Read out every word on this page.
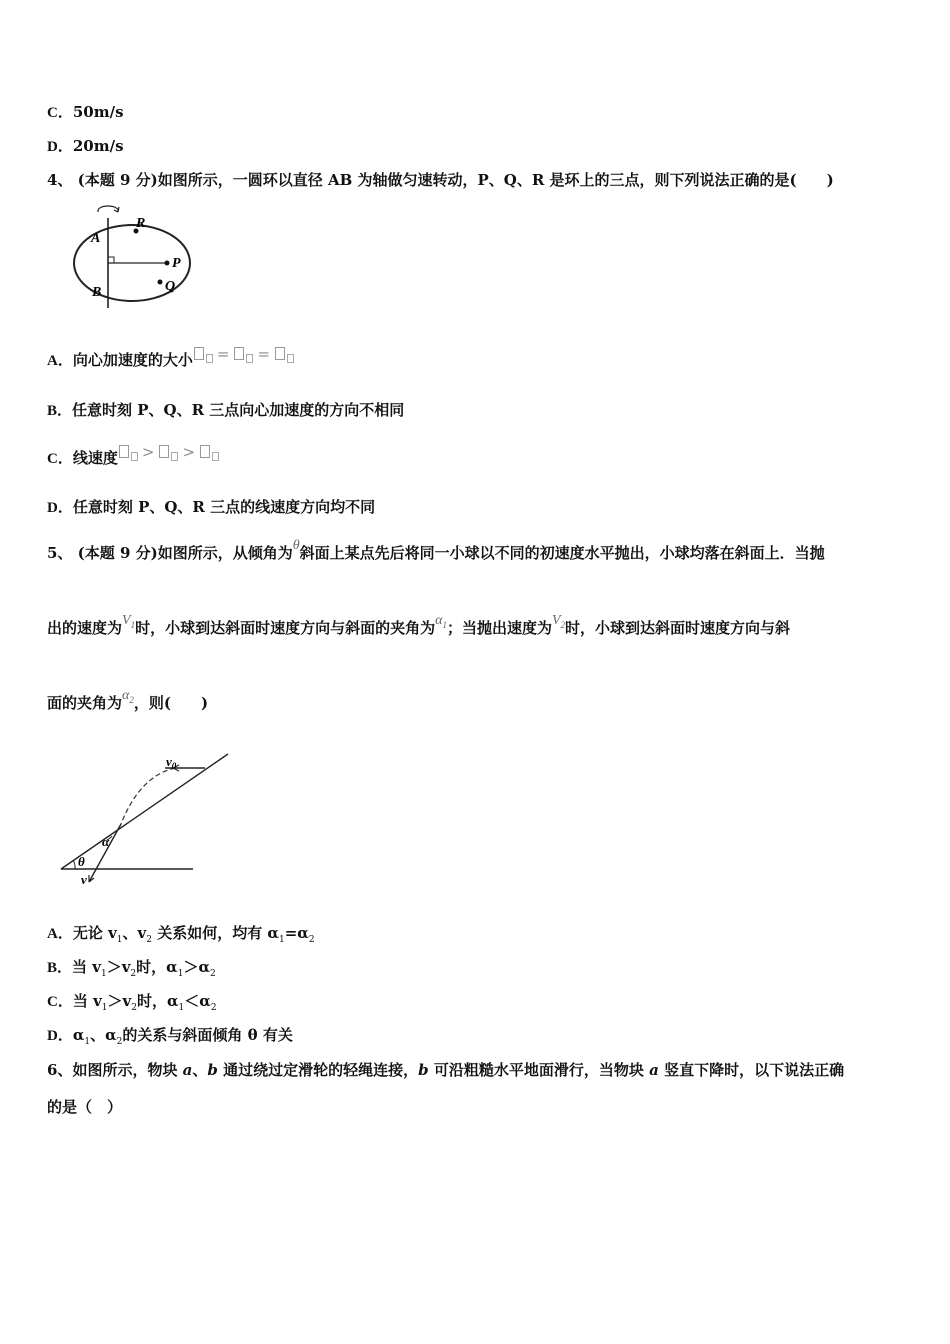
C．50m/s
D．20m/s
4、 (本题 9 分)如图所示，一圆环以直径 AB 为轴做匀速转动，P、Q、R 是环上的三点，则下列说法正确的是(　　)
R
A
P
Q
B
A．向心加速度的大小 = =
B．任意时刻 P、Q、R 三点向心加速度的方向不相同
C．线速度 > >
D．任意时刻 P、Q、R 三点的线速度方向均不同
5、 (本题 9 分)如图所示，从倾角为θ斜面上某点先后将同一小球以不同的初速度水平抛出，小球均落在斜面上．当抛
出的速度为$V_1$时，小球到达斜面时速度方向与斜面的夹角为$\alpha_1$；当抛出速度为$V_2$时，小球到达斜面时速度方向与斜
面的夹角为$\alpha_2$，则(　　)
$v_0$
α
θ
v
A．无论 $v_1$、$v_2$ 关系如何，均有 $\alpha_1=\alpha_2$
B．当 $v_1>v_2$时，$\alpha_1>\alpha_2$
C．当 $v_1>v_2$时，$\alpha_1<\alpha_2$
D．$\alpha_1$、$\alpha_2$的关系与斜面倾角 θ 有关
6、如图所示，物块 a、b 通过绕过定滑轮的轻绳连接，b 可沿粗糙水平地面滑行，当物块 a 竖直下降时，以下说法正确
的是（　）
